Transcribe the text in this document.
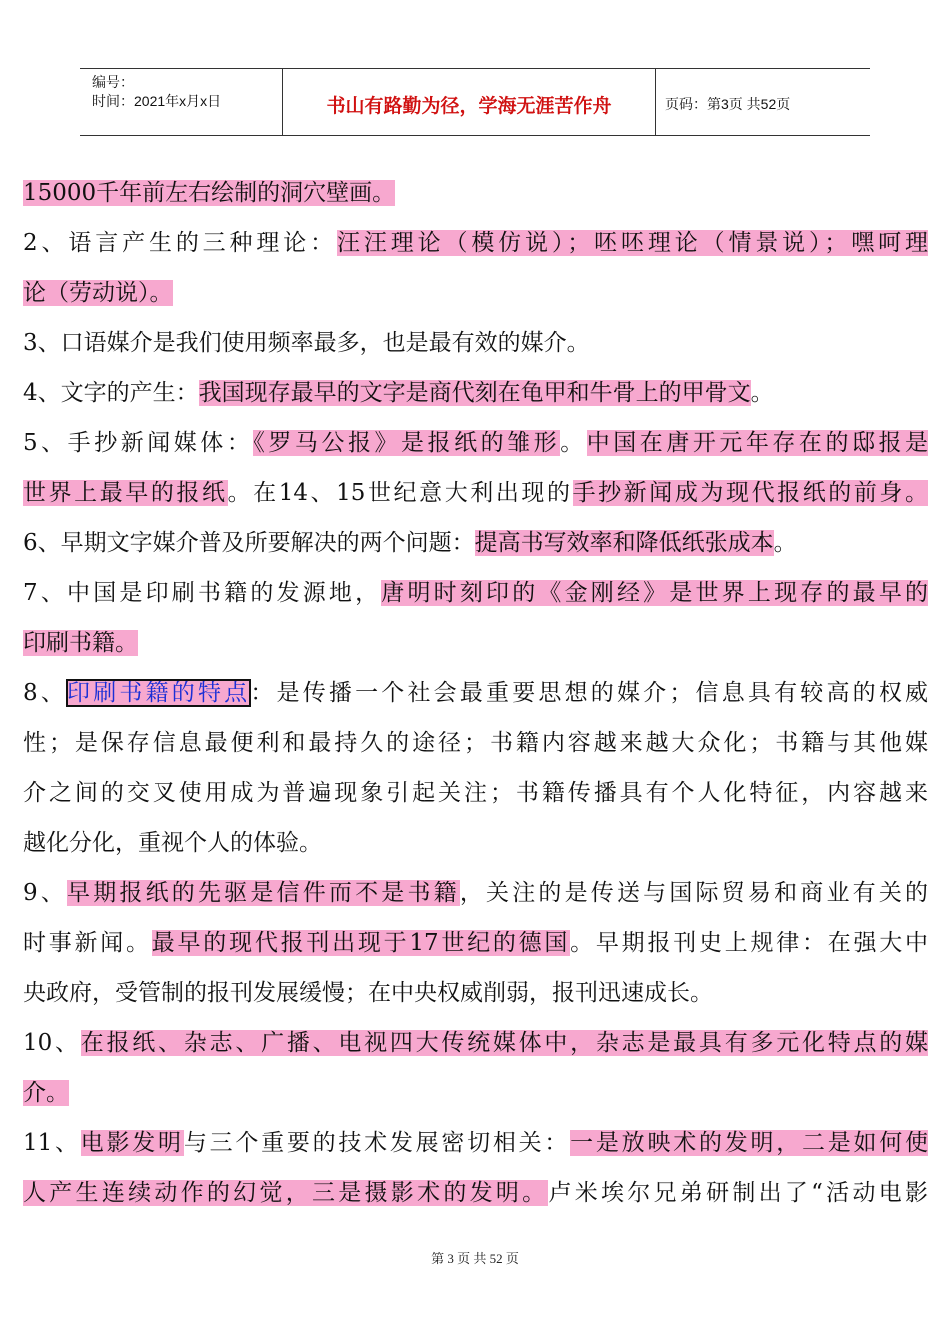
编号：
时间：2021年x月x日	书山有路勤为径，学海无涯苦作舟	页码：第3页 共52页
15000千年前左右绘制的洞穴壁画。
2、语言产生的三种理论：汪汪理论（模仿说）；呸呸理论（情景说）；嘿呵理
论（劳动说）。
3、口语媒介是我们使用频率最多，也是最有效的媒介。
4、文字的产生：我国现存最早的文字是商代刻在龟甲和牛骨上的甲骨文。
5、手抄新闻媒体：《罗马公报》是报纸的雏形。中国在唐开元年存在的邸报是
世界上最早的报纸。在14、15世纪意大利出现的手抄新闻成为现代报纸的前身。
6、早期文字媒介普及所要解决的两个问题：提高书写效率和降低纸张成本。
7、中国是印刷书籍的发源地，唐明时刻印的《金刚经》是世界上现存的最早的
印刷书籍。
8、印刷书籍的特点：是传播一个社会最重要思想的媒介；信息具有较高的权威
性；是保存信息最便利和最持久的途径；书籍内容越来越大众化；书籍与其他媒
介之间的交叉使用成为普遍现象引起关注；书籍传播具有个人化特征，内容越来
越化分化，重视个人的体验。
9、早期报纸的先驱是信件而不是书籍，关注的是传送与国际贸易和商业有关的
时事新闻。最早的现代报刊出现于17世纪的德国。早期报刊史上规律：在强大中
央政府，受管制的报刊发展缓慢；在中央权威削弱，报刊迅速成长。
10、在报纸、杂志、广播、电视四大传统媒体中，杂志是最具有多元化特点的媒
介。
11、电影发明与三个重要的技术发展密切相关：一是放映术的发明，二是如何使
人产生连续动作的幻觉，三是摄影术的发明。卢米埃尔兄弟研制出了“活动电影
第 3 页 共 52 页
